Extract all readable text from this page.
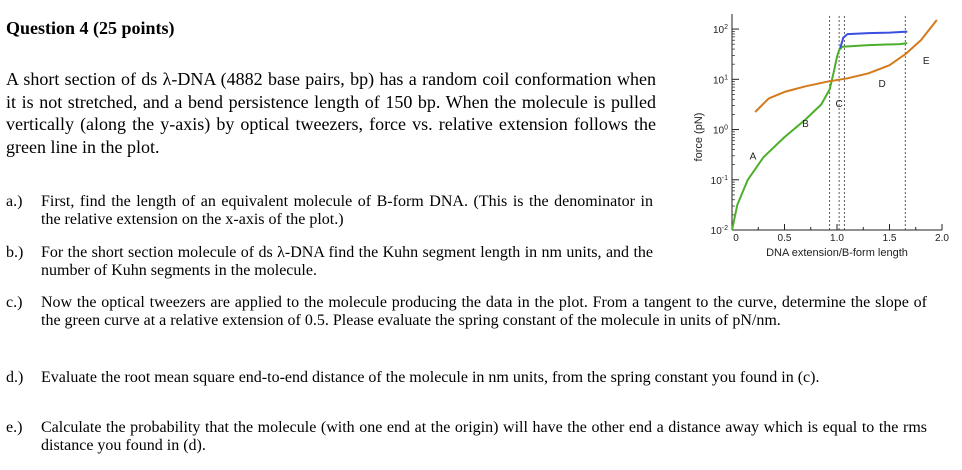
Question 4 (25 points)
A short section of ds λ-DNA (4882 base pairs, bp) has a random coil conformation when it is not stretched, and a bend persistence length of 150 bp. When the molecule is pulled vertically (along the y-axis) by optical tweezers, force vs. relative extension follows the green line in the plot.
a.) First, find the length of an equivalent molecule of B-form DNA. (This is the denominator in the relative extension on the x-axis of the plot.)
b.) For the short section molecule of ds λ-DNA find the Kuhn segment length in nm units, and the number of Kuhn segments in the molecule.
c.) Now the optical tweezers are applied to the molecule producing the data in the plot. From a tangent to the curve, determine the slope of the green curve at a relative extension of 0.5. Please evaluate the spring constant of the molecule in units of pN/nm.
d.) Evaluate the root mean square end-to-end distance of the molecule in nm units, from the spring constant you found in (c).
e.) Calculate the probability that the molecule (with one end at the origin) will have the other end a distance away which is equal to the rms distance you found in (d).
0	0.5	1.0	1.5	2.0
$10^{-2}$
$10^{-1}$
$10^0$
$10^1$
$10^2$
A
B
C
D
E
DNA extension/B-form length
force (pN)
